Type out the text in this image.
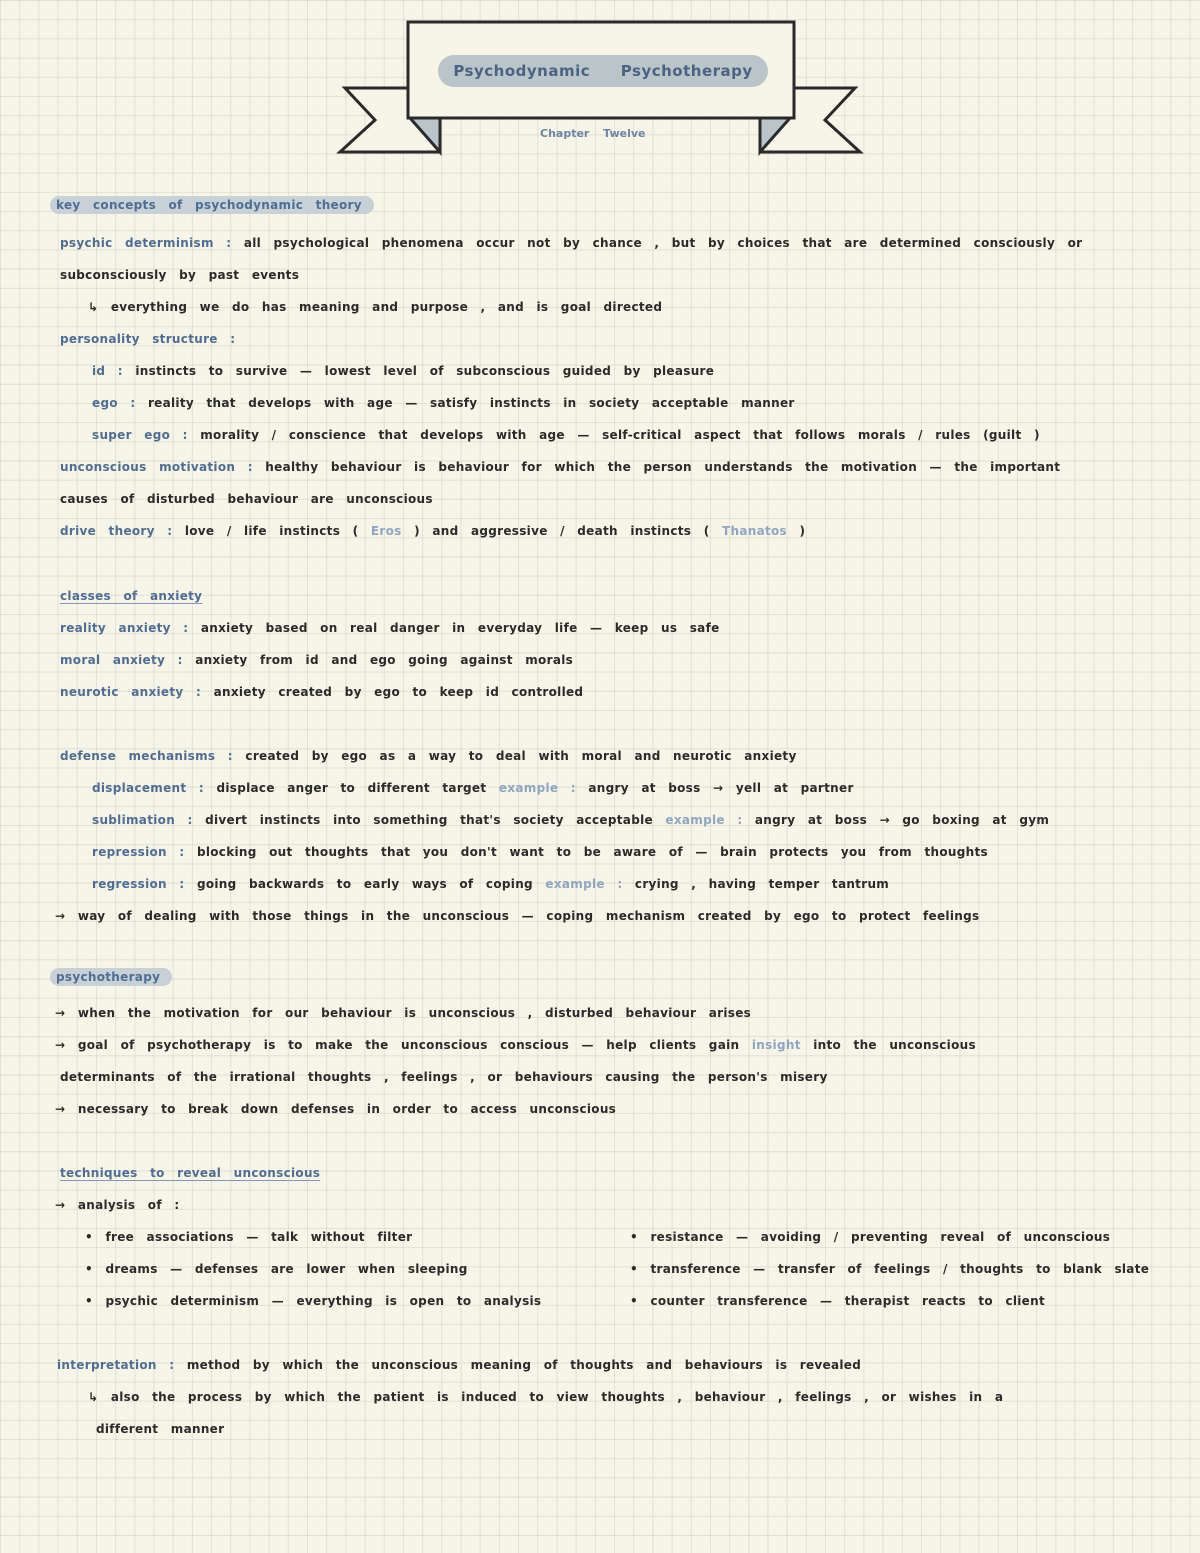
Psychodynamic Psychotherapy
Chapter Twelve
key concepts of psychodynamic theory
psychic determinism : all psychological phenomena occur not by chance , but by choices that are determined consciously or
subconsciously by past events
↳ everything we do has meaning and purpose , and is goal directed
personality structure :
id : instincts to survive — lowest level of subconscious guided by pleasure
ego : reality that develops with age — satisfy instincts in society acceptable manner
super ego : morality / conscience that develops with age — self-critical aspect that follows morals / rules (guilt )
unconscious motivation : healthy behaviour is behaviour for which the person understands the motivation — the important
causes of disturbed behaviour are unconscious
drive theory : love / life instincts ( Eros ) and aggressive / death instincts ( Thanatos )
classes of anxiety
reality anxiety : anxiety based on real danger in everyday life — keep us safe
moral anxiety : anxiety from id and ego going against morals
neurotic anxiety : anxiety created by ego to keep id controlled
defense mechanisms : created by ego as a way to deal with moral and neurotic anxiety
displacement : displace anger to different target example : angry at boss → yell at partner
sublimation : divert instincts into something that's society acceptable example : angry at boss → go boxing at gym
repression : blocking out thoughts that you don't want to be aware of — brain protects you from thoughts
regression : going backwards to early ways of coping example : crying , having temper tantrum
→ way of dealing with those things in the unconscious — coping mechanism created by ego to protect feelings
psychotherapy
→ when the motivation for our behaviour is unconscious , disturbed behaviour arises
→ goal of psychotherapy is to make the unconscious conscious — help clients gain insight into the unconscious
determinants of the irrational thoughts , feelings , or behaviours causing the person's misery
→ necessary to break down defenses in order to access unconscious
techniques to reveal unconscious
→ analysis of :
• free associations — talk without filter
• dreams — defenses are lower when sleeping
• psychic determinism — everything is open to analysis
• resistance — avoiding / preventing reveal of unconscious
• transference — transfer of feelings / thoughts to blank slate
• counter transference — therapist reacts to client
interpretation : method by which the unconscious meaning of thoughts and behaviours is revealed
↳ also the process by which the patient is induced to view thoughts , behaviour , feelings , or wishes in a
different manner
